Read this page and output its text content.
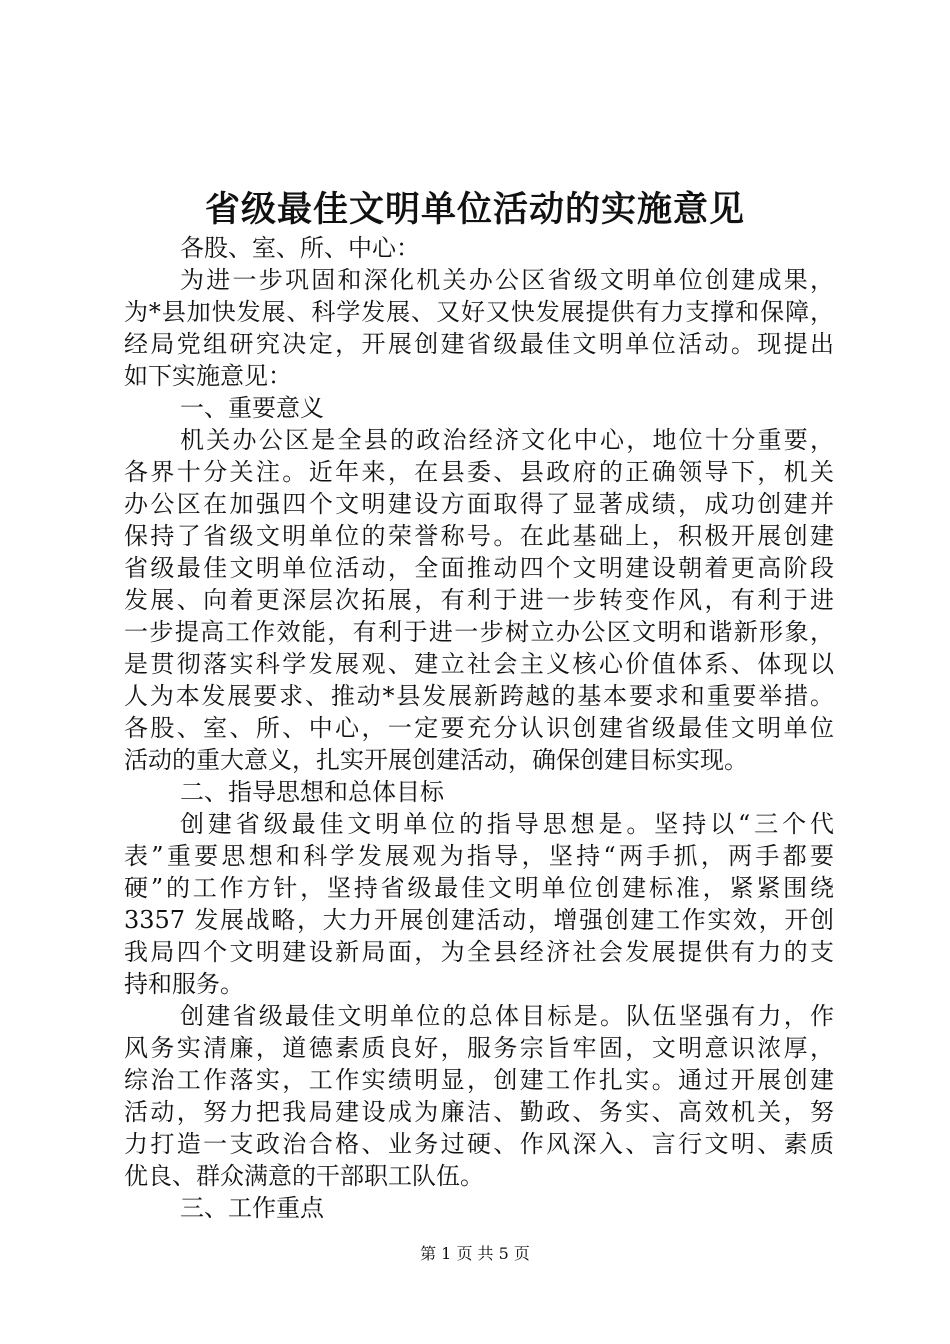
省级最佳文明单位活动的实施意见
各股、室、所、中心：
为进一步巩固和深化机关办公区省级文明单位创建成果，
为*县加快发展、科学发展、又好又快发展提供有力支撑和保障，
经局党组研究决定，开展创建省级最佳文明单位活动。现提出
如下实施意见：
一、重要意义
机关办公区是全县的政治经济文化中心，地位十分重要，
各界十分关注。近年来，在县委、县政府的正确领导下，机关
办公区在加强四个文明建设方面取得了显著成绩，成功创建并
保持了省级文明单位的荣誉称号。在此基础上，积极开展创建
省级最佳文明单位活动，全面推动四个文明建设朝着更高阶段
发展、向着更深层次拓展，有利于进一步转变作风，有利于进
一步提高工作效能，有利于进一步树立办公区文明和谐新形象，
是贯彻落实科学发展观、建立社会主义核心价值体系、体现以
人为本发展要求、推动*县发展新跨越的基本要求和重要举措。
各股、室、所、中心，一定要充分认识创建省级最佳文明单位
活动的重大意义，扎实开展创建活动，确保创建目标实现。
二、指导思想和总体目标
创建省级最佳文明单位的指导思想是。坚持以“三个代
表”重要思想和科学发展观为指导，坚持“两手抓，两手都要
硬”的工作方针，坚持省级最佳文明单位创建标准，紧紧围绕
3357 发展战略，大力开展创建活动，增强创建工作实效，开创
我局四个文明建设新局面，为全县经济社会发展提供有力的支
持和服务。
创建省级最佳文明单位的总体目标是。队伍坚强有力，作
风务实清廉，道德素质良好，服务宗旨牢固，文明意识浓厚，
综治工作落实，工作实绩明显，创建工作扎实。通过开展创建
活动，努力把我局建设成为廉洁、勤政、务实、高效机关，努
力打造一支政治合格、业务过硬、作风深入、言行文明、素质
优良、群众满意的干部职工队伍。
三、工作重点
第 1 页 共 5 页
